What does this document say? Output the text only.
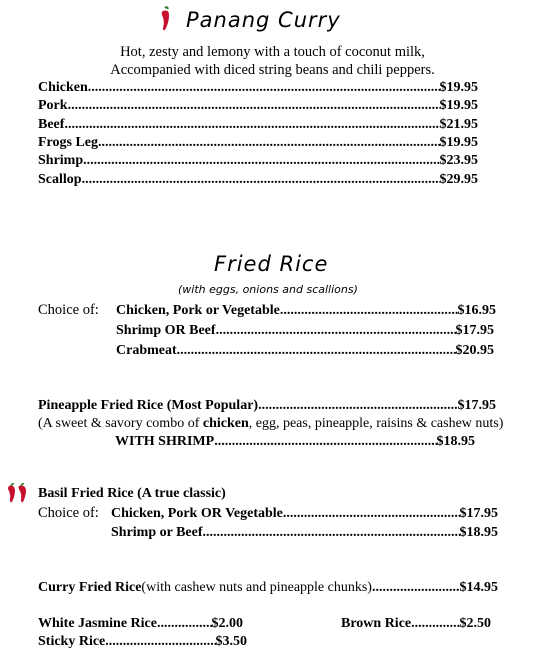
Panang Curry
Hot, zesty and lemony with a touch of coconut milk,
Accompanied with diced string beans and chili peppers.
Chicken .....	$19.95
Pork .....	$19.95
Beef .....	$21.95
Frogs Leg .....	$19.95
Shrimp .....	$23.95
Scallop .....	$29.95
Fried Rice
(with eggs, onions and scallions)
Choice of: Chicken, Pork or Vegetable .....	$16.95
Shrimp OR Beef .....	$17.95
Crabmeat .....	$20.95
Pineapple Fried Rice (Most Popular) .....	$17.95
(A sweet & savory combo of chicken, egg, peas, pineapple, raisins & cashew nuts)
WITH SHRIMP .....	$18.95
Basil Fried Rice (A true classic)
Choice of: Chicken, Pork OR Vegetable .....	$17.95
Shrimp or Beef .....	$18.95
Curry Fried Rice (with cashew nuts and pineapple chunks) .....	$14.95
White Jasmine Rice .....	$2.00	Brown Rice .....	$2.50
Sticky Rice .....	$3.50
